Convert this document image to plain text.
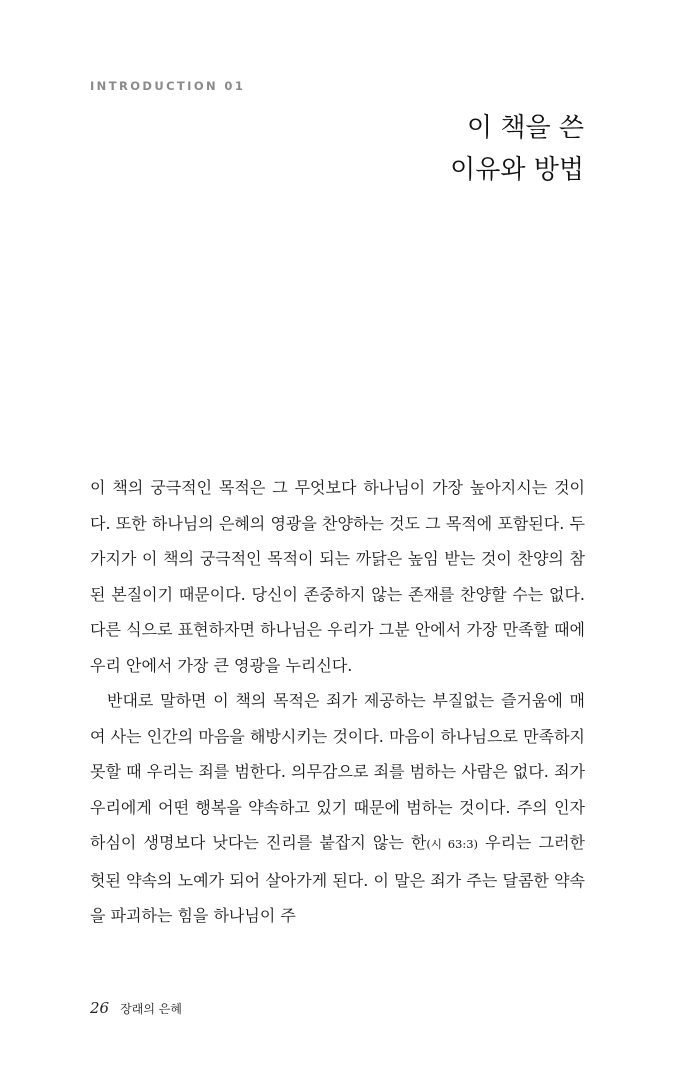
INTRODUCTION 01
이 책을 쓴
이유와 방법

이 책의 궁극적인 목적은 그 무엇보다 하나님이 가장 높아지시는 것이다. 또한 하나님의 은혜의 영광을 찬양하는 것도 그 목적에 포함된다. 두 가지가 이 책의 궁극적인 목적이 되는 까닭은 높임 받는 것이 찬양의 참된 본질이기 때문이다. 당신이 존중하지 않는 존재를 찬양할 수는 없다. 다른 식으로 표현하자면 하나님은 우리가 그분 안에서 가장 만족할 때에 우리 안에서 가장 큰 영광을 누리신다.

반대로 말하면 이 책의 목적은 죄가 제공하는 부질없는 즐거움에 매여 사는 인간의 마음을 해방시키는 것이다. 마음이 하나님으로 만족하지 못할 때 우리는 죄를 범한다. 의무감으로 죄를 범하는 사람은 없다. 죄가 우리에게 어떤 행복을 약속하고 있기 때문에 범하는 것이다. 주의 인자하심이 생명보다 낫다는 진리를 붙잡지 않는 한(시 63:3) 우리는 그러한 헛된 약속의 노예가 되어 살아가게 된다. 이 말은 죄가 주는 달콤한 약속을 파괴하는 힘을 하나님이 주

26 장래의 은혜
